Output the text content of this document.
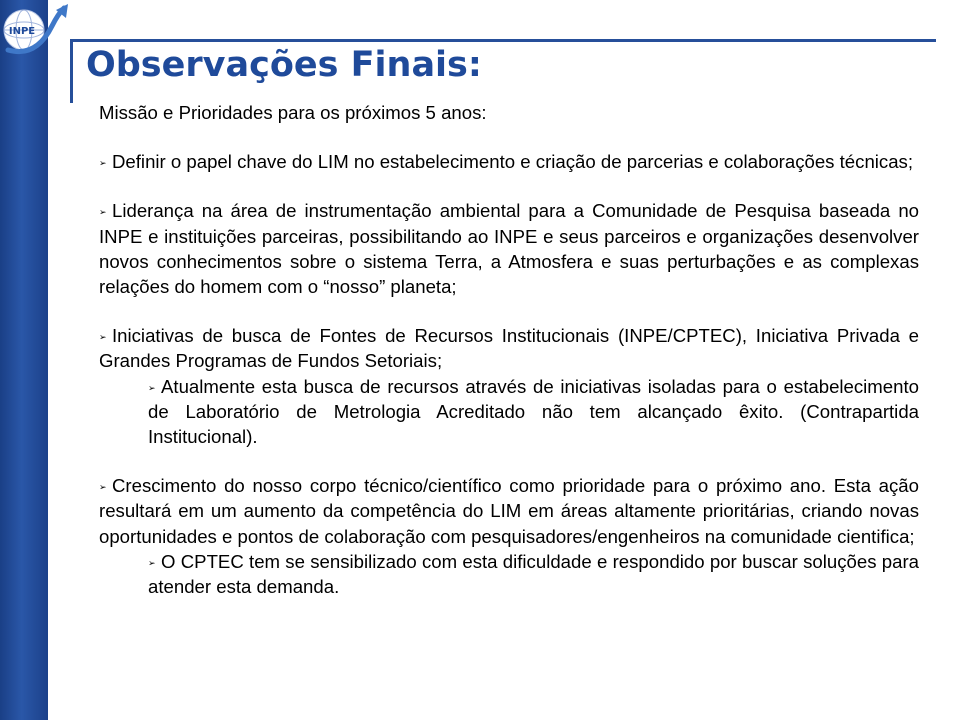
INPE
Observações Finais:

Missão e Prioridades para os próximos 5 anos:

➢ Definir o papel chave do LIM no estabelecimento e criação de parcerias e colaborações técnicas;

➢ Liderança na área de instrumentação ambiental para a Comunidade de Pesquisa baseada no INPE e instituições parceiras, possibilitando ao INPE e seus parceiros e organizações desenvolver novos conhecimentos sobre o sistema Terra, a Atmosfera e suas perturbações e as complexas relações do homem com o “nosso” planeta;

➢ Iniciativas de busca de Fontes de Recursos Institucionais (INPE/CPTEC), Iniciativa Privada e Grandes Programas de Fundos Setoriais;

➢ Atualmente esta busca de recursos através de iniciativas isoladas para o estabelecimento de Laboratório de Metrologia Acreditado não tem alcançado êxito. (Contrapartida Institucional).

➢ Crescimento do nosso corpo técnico/científico como prioridade para o próximo ano. Esta ação resultará em um aumento da competência do LIM em áreas altamente prioritárias, criando novas oportunidades e pontos de colaboração com pesquisadores/engenheiros na comunidade cientifica;

➢ O CPTEC tem se sensibilizado com esta dificuldade e respondido por buscar soluções para atender esta demanda.
